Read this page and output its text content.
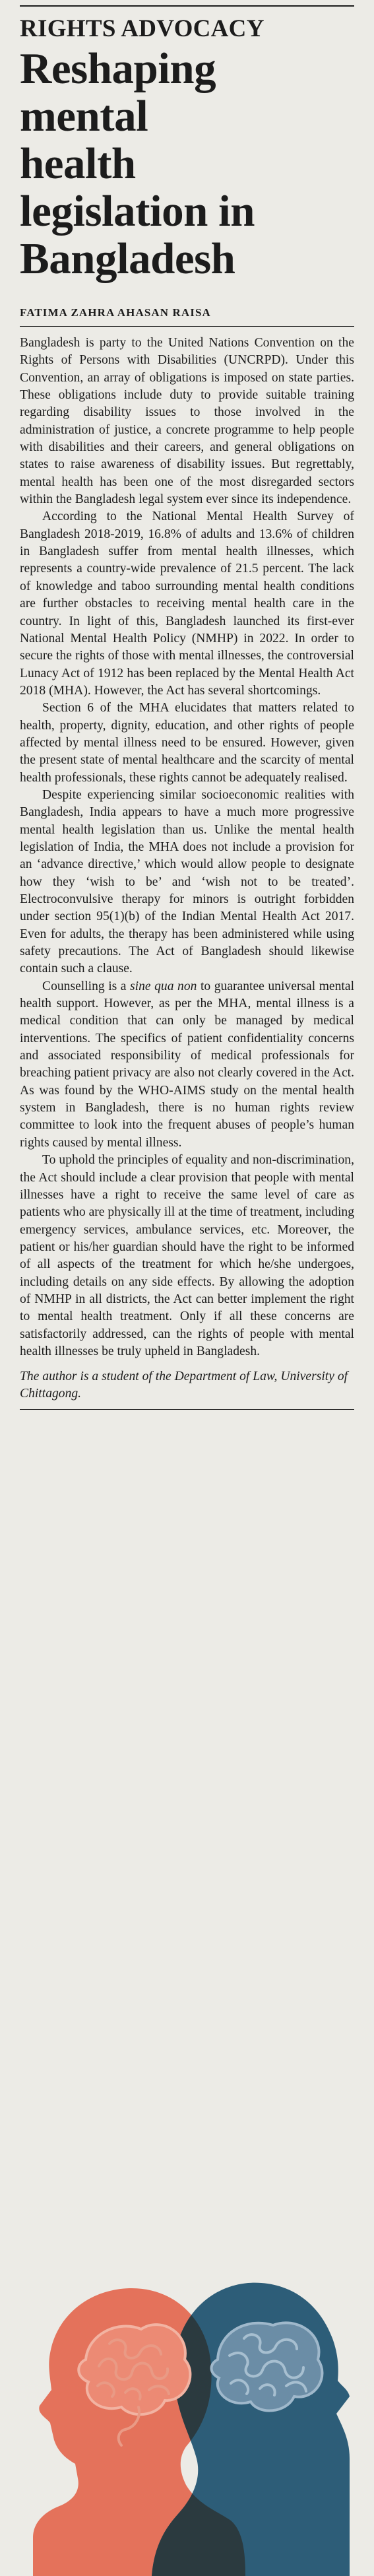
RIGHTS ADVOCACY
Reshaping
mental
health
legislation in
Bangladesh
FATIMA ZAHRA AHASAN RAISA

Bangladesh is party to the United Nations Convention on the Rights of Persons with Disabilities (UNCRPD). Under this Convention, an array of obligations is imposed on state parties. These obligations include duty to provide suitable training regarding disability issues to those involved in the administration of justice, a concrete programme to help people with disabilities and their careers, and general obligations on states to raise awareness of disability issues. But regrettably, mental health has been one of the most disregarded sectors within the Bangladesh legal system ever since its independence.

According to the National Mental Health Survey of Bangladesh 2018-2019, 16.8% of adults and 13.6% of children in Bangladesh suffer from mental health illnesses, which represents a country-wide prevalence of 21.5 percent. The lack of knowledge and taboo surrounding mental health conditions are further obstacles to receiving mental health care in the country. In light of this, Bangladesh launched its first-ever National Mental Health Policy (NMHP) in 2022. In order to secure the rights of those with mental illnesses, the controversial Lunacy Act of 1912 has been replaced by the Mental Health Act 2018 (MHA). However, the Act has several shortcomings.

Section 6 of the MHA elucidates that matters related to health, property, dignity, education, and other rights of people affected by mental illness need to be ensured. However, given the present state of mental healthcare and the scarcity of mental health professionals, these rights cannot be adequately realised.

Despite experiencing similar socioeconomic realities with Bangladesh, India appears to have a much more progressive mental health legislation than us. Unlike the mental health legislation of India, the MHA does not include a provision for an ‘advance directive,’ which would allow people to designate how they ‘wish to be’ and ‘wish not to be treated’. Electroconvulsive therapy for minors is outright forbidden under section 95(1)(b) of the Indian Mental Health Act 2017. Even for adults, the therapy has been administered while using safety precautions. The Act of Bangladesh should likewise contain such a clause.

Counselling is a sine qua non to guarantee universal mental health support. However, as per the MHA, mental illness is a medical condition that can only be managed by medical interventions. The specifics of patient confidentiality concerns and associated responsibility of medical professionals for breaching patient privacy are also not clearly covered in the Act. As was found by the WHO-AIMS study on the mental health system in Bangladesh, there is no human rights review committee to look into the frequent abuses of people’s human rights caused by mental illness.

To uphold the principles of equality and non-discrimination, the Act should include a clear provision that people with mental illnesses have a right to receive the same level of care as patients who are physically ill at the time of treatment, including emergency services, ambulance services, etc. Moreover, the patient or his/her guardian should have the right to be informed of all aspects of the treatment for which he/she undergoes, including details on any side effects. By allowing the adoption of NMHP in all districts, the Act can better implement the right to mental health treatment. Only if all these concerns are satisfactorily addressed, can the rights of people with mental health illnesses be truly upheld in Bangladesh.

The author is a student of the Department of Law, University of Chittagong.
